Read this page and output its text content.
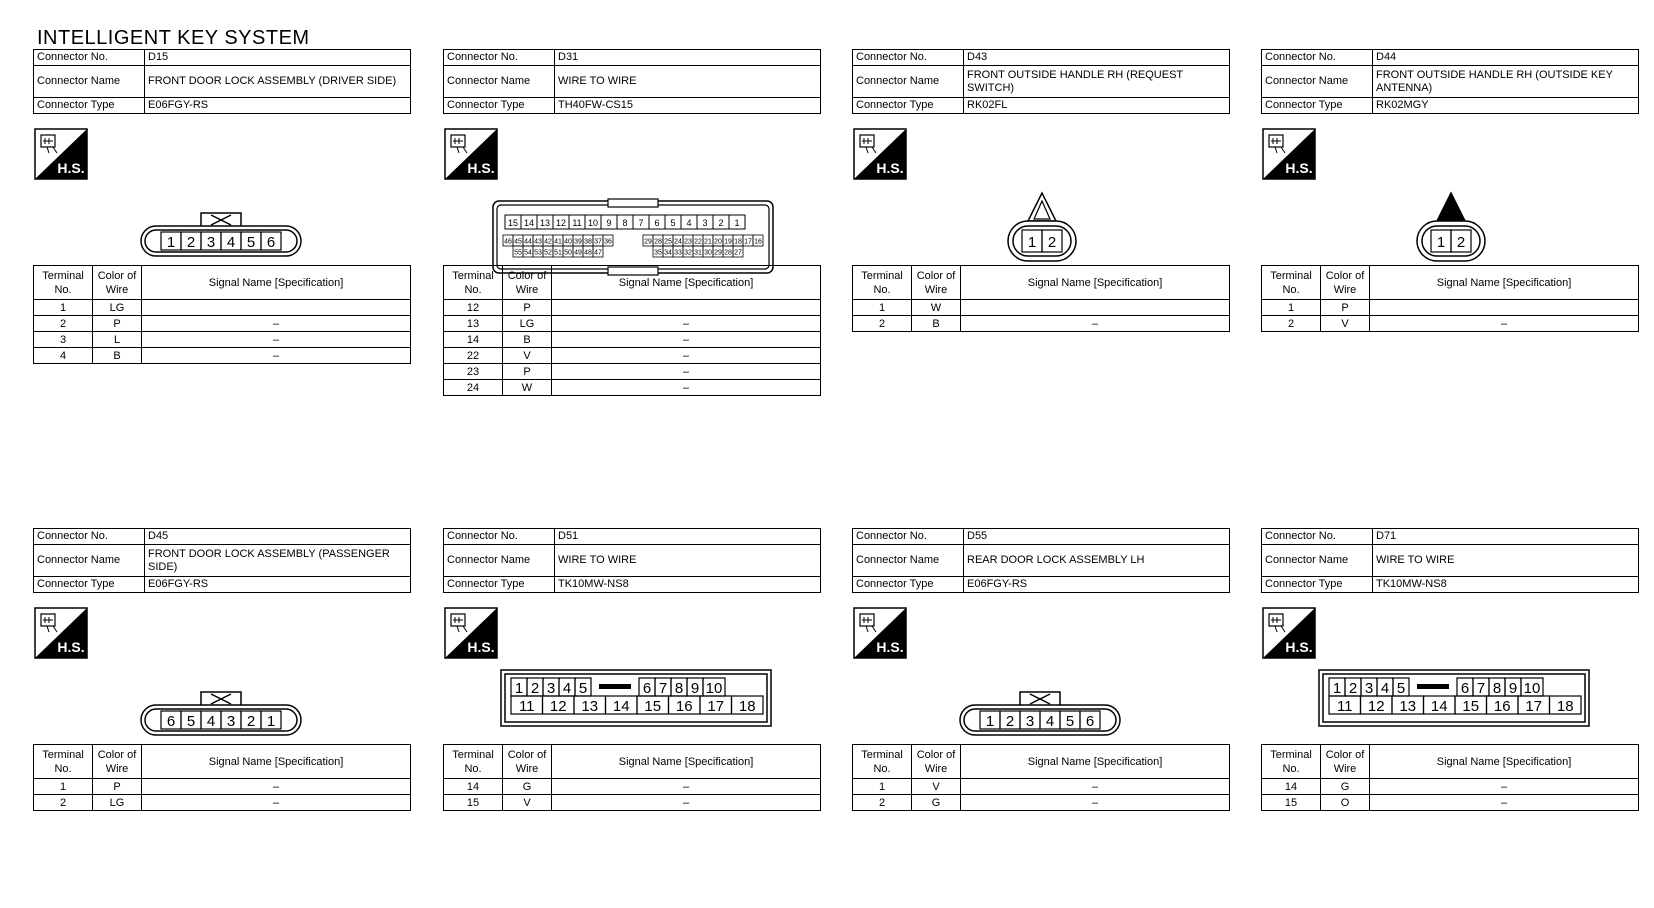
INTELLIGENT KEY SYSTEM
Connector No.	D15
Connector Name	FRONT DOOR LOCK ASSEMBLY (DRIVER SIDE)
Connector Type	E06FGY-RS
H.S.
1 2 3 4 5 6
Terminal No.	Color of Wire	Signal Name [Specification]
1	LG	
2	P	–
3	L	–
4	B	–
Connector No.	D31
Connector Name	WIRE TO WIRE
Connector Type	TH40FW-CS15
H.S.
15 14 13 12 11 10 9 8 7 6 5 4 3 2 1
46 45 44 43 42 41 40 39 38 37 36	29 28 25 24 23 22 21 20 19 18 17 16
55 54 53 52 51 50 49 48 47	35 34 33 32 31 30 29 28 27
Terminal No.	Color of Wire	Signal Name [Specification]
12	P	
13	LG	–
14	B	–
22	V	–
23	P	–
24	W	–
Connector No.	D43
Connector Name	FRONT OUTSIDE HANDLE RH (REQUEST SWITCH)
Connector Type	RK02FL
H.S.
1 2
Terminal No.	Color of Wire	Signal Name [Specification]
1	W	
2	B	–
Connector No.	D44
Connector Name	FRONT OUTSIDE HANDLE RH (OUTSIDE KEY ANTENNA)
Connector Type	RK02MGY
H.S.
1 2
Terminal No.	Color of Wire	Signal Name [Specification]
1	P	
2	V	–
Connector No.	D45
Connector Name	FRONT DOOR LOCK ASSEMBLY (PASSENGER SIDE)
Connector Type	E06FGY-RS
H.S.
6 5 4 3 2 1
Terminal No.	Color of Wire	Signal Name [Specification]
1	P	–
2	LG	–
Connector No.	D51
Connector Name	WIRE TO WIRE
Connector Type	TK10MW-NS8
H.S.
1 2 3 4 5	6 7 8 9 10
11 12 13 14 15 16 17 18
Terminal No.	Color of Wire	Signal Name [Specification]
14	G	–
15	V	–
Connector No.	D55
Connector Name	REAR DOOR LOCK ASSEMBLY LH
Connector Type	E06FGY-RS
H.S.
1 2 3 4 5 6
Terminal No.	Color of Wire	Signal Name [Specification]
1	V	–
2	G	–
Connector No.	D71
Connector Name	WIRE TO WIRE
Connector Type	TK10MW-NS8
H.S.
1 2 3 4 5	6 7 8 9 10
11 12 13 14 15 16 17 18
Terminal No.	Color of Wire	Signal Name [Specification]
14	G	–
15	O	–
